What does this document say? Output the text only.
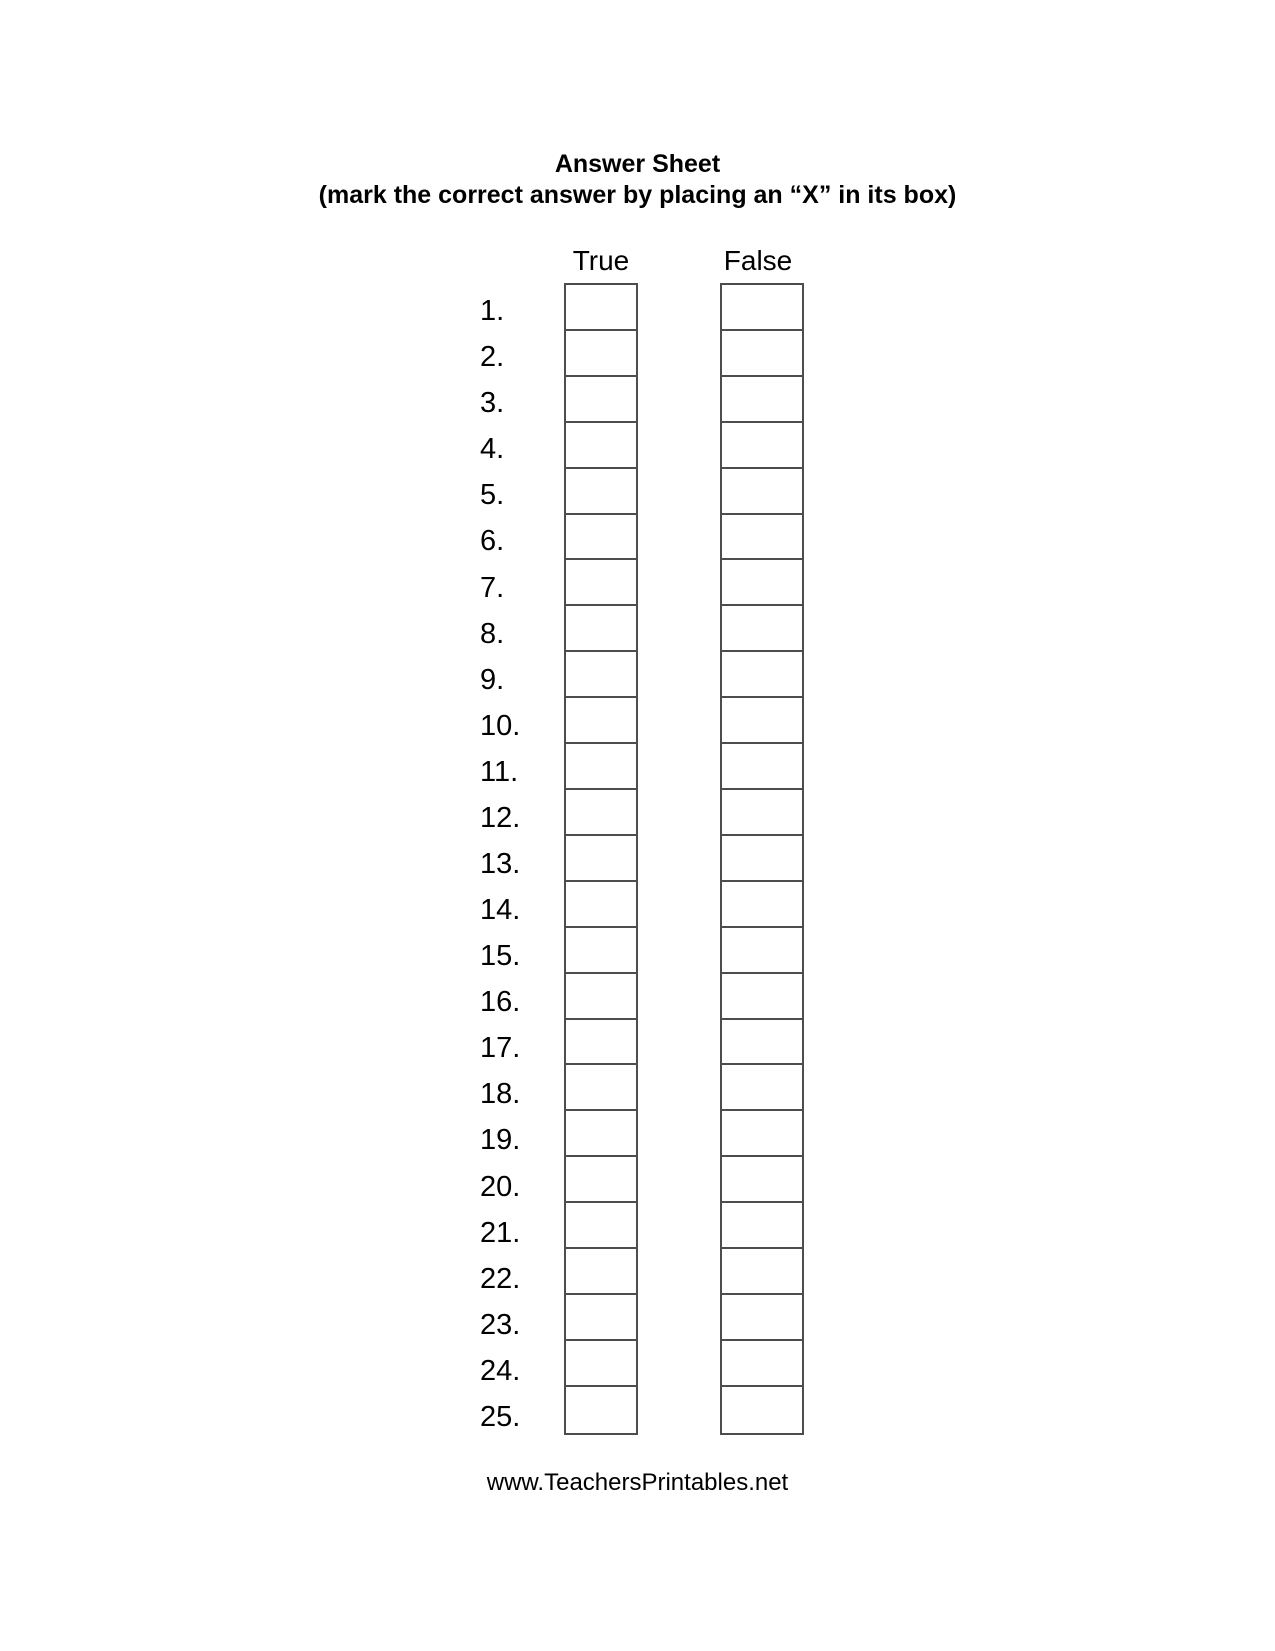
Answer Sheet
(mark the correct answer by placing an “X” in its box)
True	False
1.
2.
3.
4.
5.
6.
7.
8.
9.
10.
11.
12.
13.
14.
15.
16.
17.
18.
19.
20.
21.
22.
23.
24.
25.
www.TeachersPrintables.net
